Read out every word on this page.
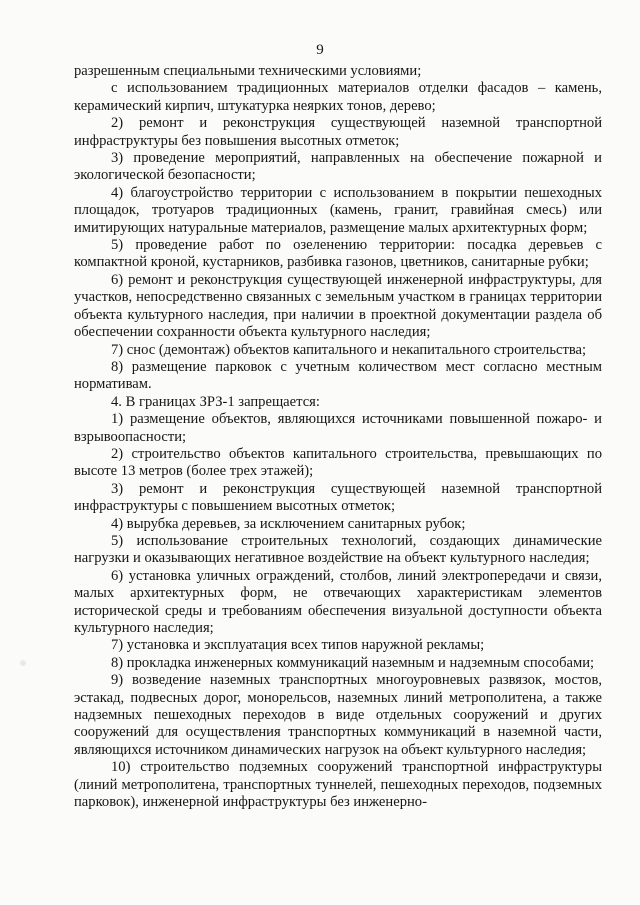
9

разрешенным специальными техническими условиями;

с использованием традиционных материалов отделки фасадов – камень, керамический кирпич, штукатурка неярких тонов, дерево;

2) ремонт и реконструкция существующей наземной транспортной инфраструктуры без повышения высотных отметок;

3) проведение мероприятий, направленных на обеспечение пожарной и экологической безопасности;

4) благоустройство территории с использованием в покрытии пешеходных площадок, тротуаров традиционных (камень, гранит, гравийная смесь) или имитирующих натуральные материалов, размещение малых архитектурных форм;

5) проведение работ по озеленению территории: посадка деревьев с компактной кроной, кустарников, разбивка газонов, цветников, санитарные рубки;

6) ремонт и реконструкция существующей инженерной инфраструктуры, для участков, непосредственно связанных с земельным участком в границах территории объекта культурного наследия, при наличии в проектной документации раздела об обеспечении сохранности объекта культурного наследия;

7) снос (демонтаж) объектов капитального и некапитального строительства;

8) размещение парковок с учетным количеством мест согласно местным нормативам.

4. В границах ЗРЗ-1 запрещается:

1) размещение объектов, являющихся источниками повышенной пожаро- и взрывоопасности;

2) строительство объектов капитального строительства, превышающих по высоте 13 метров (более трех этажей);

3) ремонт и реконструкция существующей наземной транспортной инфраструктуры с повышением высотных отметок;

4) вырубка деревьев, за исключением санитарных рубок;

5) использование строительных технологий, создающих динамические нагрузки и оказывающих негативное воздействие на объект культурного наследия;

6) установка уличных ограждений, столбов, линий электропередачи и связи, малых архитектурных форм, не отвечающих характеристикам элементов исторической среды и требованиям обеспечения визуальной доступности объекта культурного наследия;

7) установка и эксплуатация всех типов наружной рекламы;

8) прокладка инженерных коммуникаций наземным и надземным способами;

9) возведение наземных транспортных многоуровневых развязок, мостов, эстакад, подвесных дорог, монорельсов, наземных линий метрополитена, а также надземных пешеходных переходов в виде отдельных сооружений и других сооружений для осуществления транспортных коммуникаций в наземной части, являющихся источником динамических нагрузок на объект культурного наследия;

10) строительство подземных сооружений транспортной инфраструктуры (линий метрополитена, транспортных туннелей, пешеходных переходов, подземных парковок), инженерной инфраструктуры без инженерно-
